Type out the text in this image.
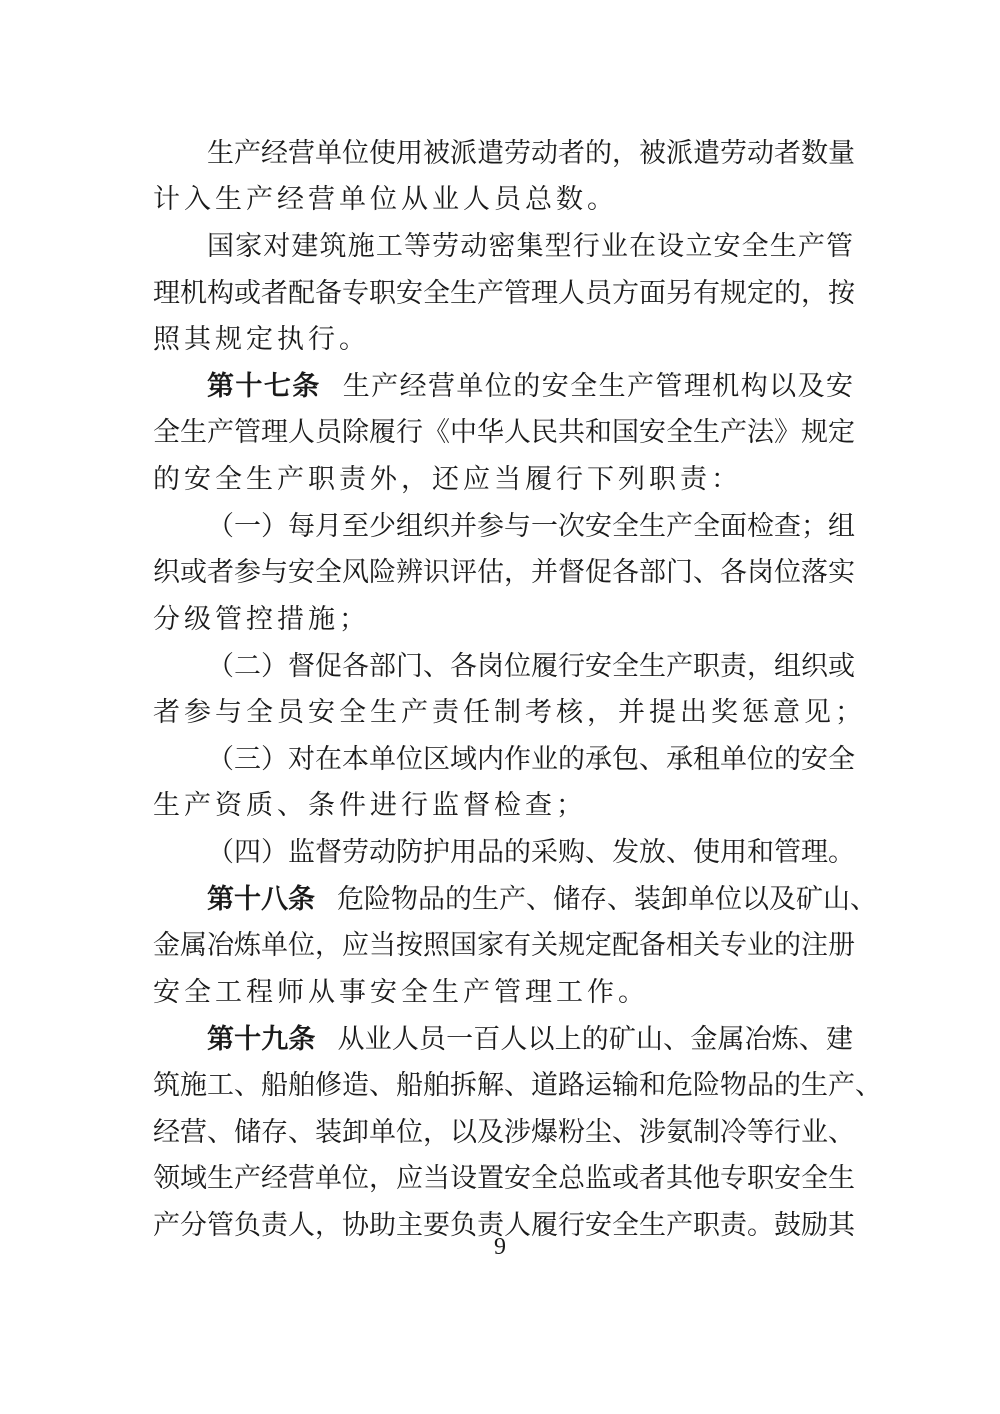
生产经营单位使用被派遣劳动者的，被派遣劳动者数量
计入生产经营单位从业人员总数。
国家对建筑施工等劳动密集型行业在设立安全生产管
理机构或者配备专职安全生产管理人员方面另有规定的，按
照其规定执行。
第十七条 生产经营单位的安全生产管理机构以及安
全生产管理人员除履行《中华人民共和国安全生产法》规定
的安全生产职责外，还应当履行下列职责：
（一）每月至少组织并参与一次安全生产全面检查；组
织或者参与安全风险辨识评估，并督促各部门、各岗位落实
分级管控措施；
（二）督促各部门、各岗位履行安全生产职责，组织或
者参与全员安全生产责任制考核，并提出奖惩意见；
（三）对在本单位区域内作业的承包、承租单位的安全
生产资质、条件进行监督检查；
（四）监督劳动防护用品的采购、发放、使用和管理。
第十八条 危险物品的生产、储存、装卸单位以及矿山、
金属冶炼单位，应当按照国家有关规定配备相关专业的注册
安全工程师从事安全生产管理工作。
第十九条 从业人员一百人以上的矿山、金属冶炼、建
筑施工、船舶修造、船舶拆解、道路运输和危险物品的生产、
经营、储存、装卸单位，以及涉爆粉尘、涉氨制冷等行业、
领域生产经营单位，应当设置安全总监或者其他专职安全生
产分管负责人，协助主要负责人履行安全生产职责。鼓励其
9
